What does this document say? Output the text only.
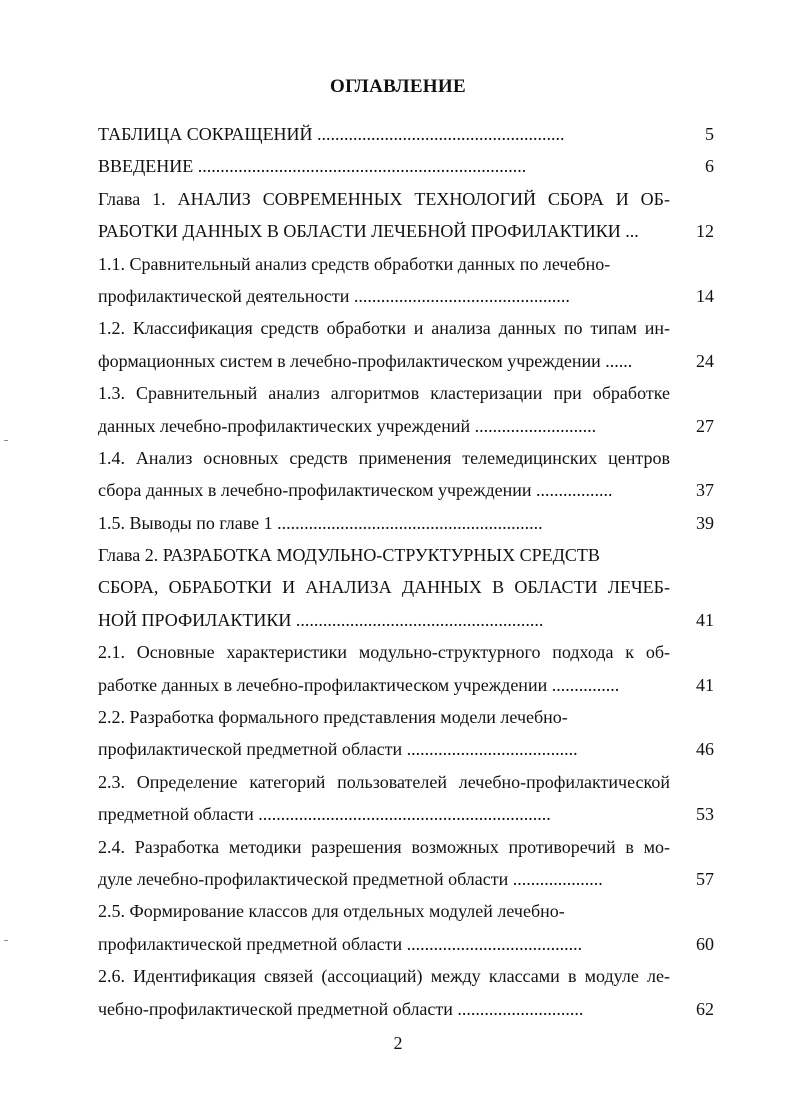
ОГЛАВЛЕНИЕ
ТАБЛИЦА СОКРАЩЕНИЙ .......................................................	5
ВВЕДЕНИЕ .........................................................................	6
Глава 1. АНАЛИЗ СОВРЕМЕННЫХ ТЕХНОЛОГИЙ СБОРА И ОБ-
РАБОТКИ ДАННЫХ В ОБЛАСТИ ЛЕЧЕБНОЙ ПРОФИЛАКТИКИ ...	12
1.1. Сравнительный анализ средств обработки данных по лечебно-
профилактической деятельности ................................................	14
1.2. Классификация средств обработки и анализа данных по типам ин-
формационных систем в лечебно-профилактическом учреждении ......	24
1.3. Сравнительный анализ алгоритмов кластеризации при обработке
данных лечебно-профилактических учреждений ...........................	27
1.4. Анализ основных средств применения телемедицинских центров
сбора данных в лечебно-профилактическом учреждении .................	37
1.5. Выводы по главе 1 ...........................................................	39
Глава 2. РАЗРАБОТКА МОДУЛЬНО-СТРУКТУРНЫХ СРЕДСТВ
СБОРА, ОБРАБОТКИ И АНАЛИЗА ДАННЫХ В ОБЛАСТИ ЛЕЧЕБ-
НОЙ ПРОФИЛАКТИКИ .......................................................	41
2.1. Основные характеристики модульно-структурного подхода к об-
работке данных в лечебно-профилактическом учреждении ...............	41
2.2. Разработка формального представления модели лечебно-
профилактической предметной области ......................................	46
2.3. Определение категорий пользователей лечебно-профилактической
предметной области .................................................................	53
2.4. Разработка методики разрешения возможных противоречий в мо-
дуле лечебно-профилактической предметной области ....................	57
2.5. Формирование классов для отдельных модулей лечебно-
профилактической предметной области .......................................	60
2.6. Идентификация связей (ассоциаций) между классами в модуле ле-
чебно-профилактической предметной области ............................	62
2
